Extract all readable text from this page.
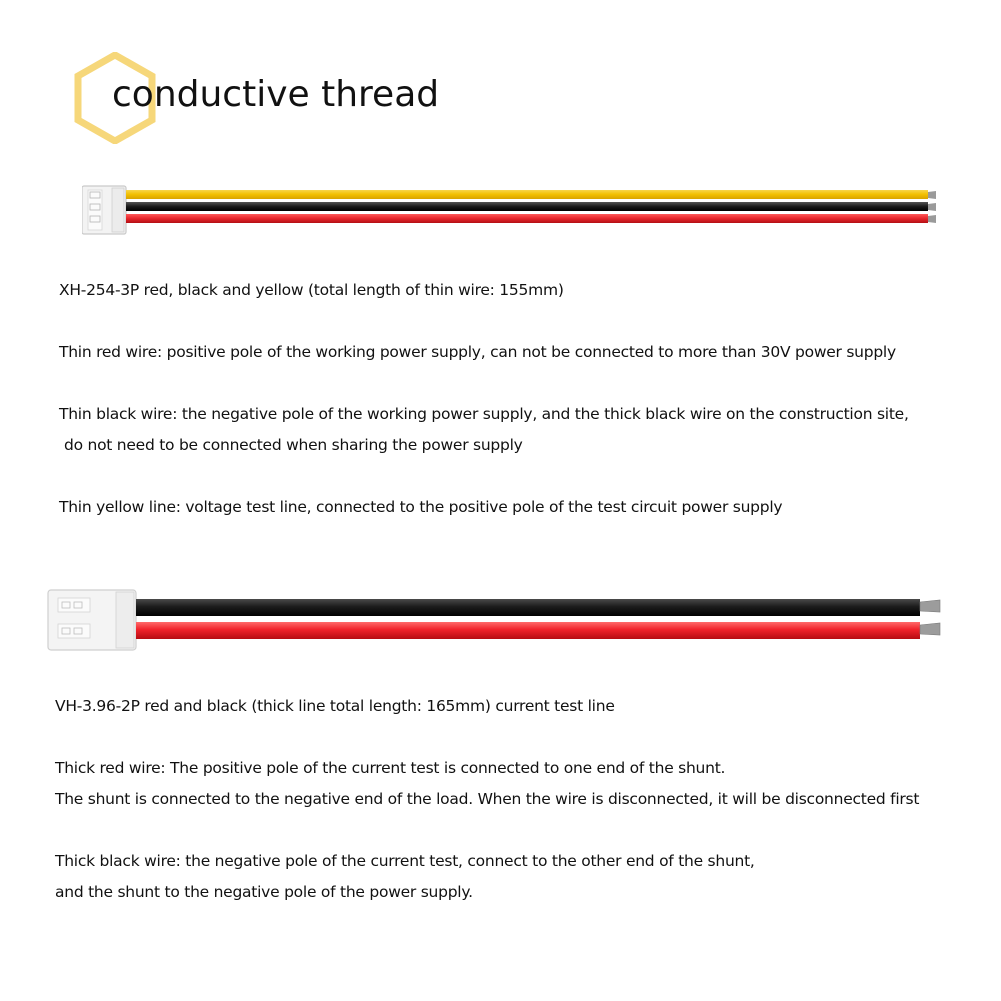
conductive thread
XH-254-3P red, black and yellow (total length of thin wire: 155mm)
Thin red wire: positive pole of the working power supply, can not be connected to more than 30V power supply
Thin black wire: the negative pole of the working power supply, and the thick black wire on the construction site,
do not need to be connected when sharing the power supply
Thin yellow line: voltage test line, connected to the positive pole of the test circuit power supply
VH-3.96-2P red and black (thick line total length: 165mm) current test line
Thick red wire: The positive pole of the current test is connected to one end of the shunt.
The shunt is connected to the negative end of the load. When the wire is disconnected, it will be disconnected first
Thick black wire: the negative pole of the current test, connect to the other end of the shunt,
and the shunt to the negative pole of the power supply.
